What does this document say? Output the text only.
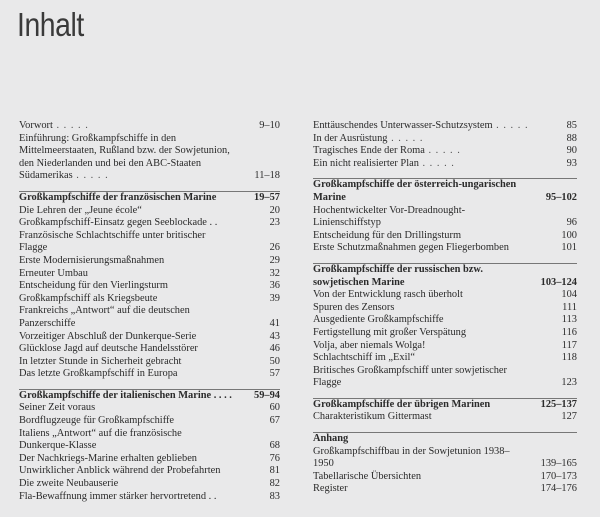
Inhalt
Vorwort . . .	9–10
Einführung: Großkampfschiffe in den Mittelmeerstaaten, Rußland bzw. der Sowjetunion, den Niederlanden und bei den ABC-Staaten Südamerikas . . .	11–18
Großkampfschiffe der französischen Marine	19–57
Die Lehren der „Jeune école“	20
Großkampfschiff-Einsatz gegen Seeblockade . .	23
Französische Schlachtschiffe unter britischer Flagge	26
Erste Modernisierungsmaßnahmen	29
Erneuter Umbau	32
Entscheidung für den Vierlingsturm	36
Großkampfschiff als Kriegsbeute	39
Frankreichs „Antwort“ auf die deutschen Panzerschiffe	41
Vorzeitiger Abschluß der Dunkerque-Serie	43
Glücklose Jagd auf deutsche Handelsstörer	46
In letzter Stunde in Sicherheit gebracht	50
Das letzte Großkampfschiff in Europa	57
Großkampfschiffe der italienischen Marine . . . . 59–94
Seiner Zeit voraus	60
Bordflugzeuge für Großkampfschiffe	67
Italiens „Antwort“ auf die französische Dunkerque-Klasse	68
Der Nachkriegs-Marine erhalten geblieben	76
Unwirklicher Anblick während der Probefahrten	81
Die zweite Neubauserie	82
Fla-Bewaffnung immer stärker hervortretend . .	83
Enttäuschendes Unterwasser-Schutzsystem . . .	85
In der Ausrüstung . . .	88
Tragisches Ende der Roma . . .	90
Ein nicht realisierter Plan . . .	93
Großkampfschiffe der österreich-ungarischen Marine	95–102
Hochentwickelter Vor-Dreadnought-Linienschiffstyp	96
Entscheidung für den Drillingsturm	100
Erste Schutzmaßnahmen gegen Fliegerbomben	101
Großkampfschiffe der russischen bzw. sowjetischen Marine	103–124
Von der Entwicklung rasch überholt	104
Spuren des Zensors	111
Ausgediente Großkampfschiffe	113
Fertigstellung mit großer Verspätung	116
Volja, aber niemals Wolga!	117
Schlachtschiff im „Exil“	118
Britisches Großkampfschiff unter sowjetischer Flagge	123
Großkampfschiffe der übrigen Marinen	125–137
Charakteristikum Gittermast	127
Anhang
Großkampfschiffbau in der Sowjetunion 1938–1950	139–165
Tabellarische Übersichten	170–173
Register	174–176
